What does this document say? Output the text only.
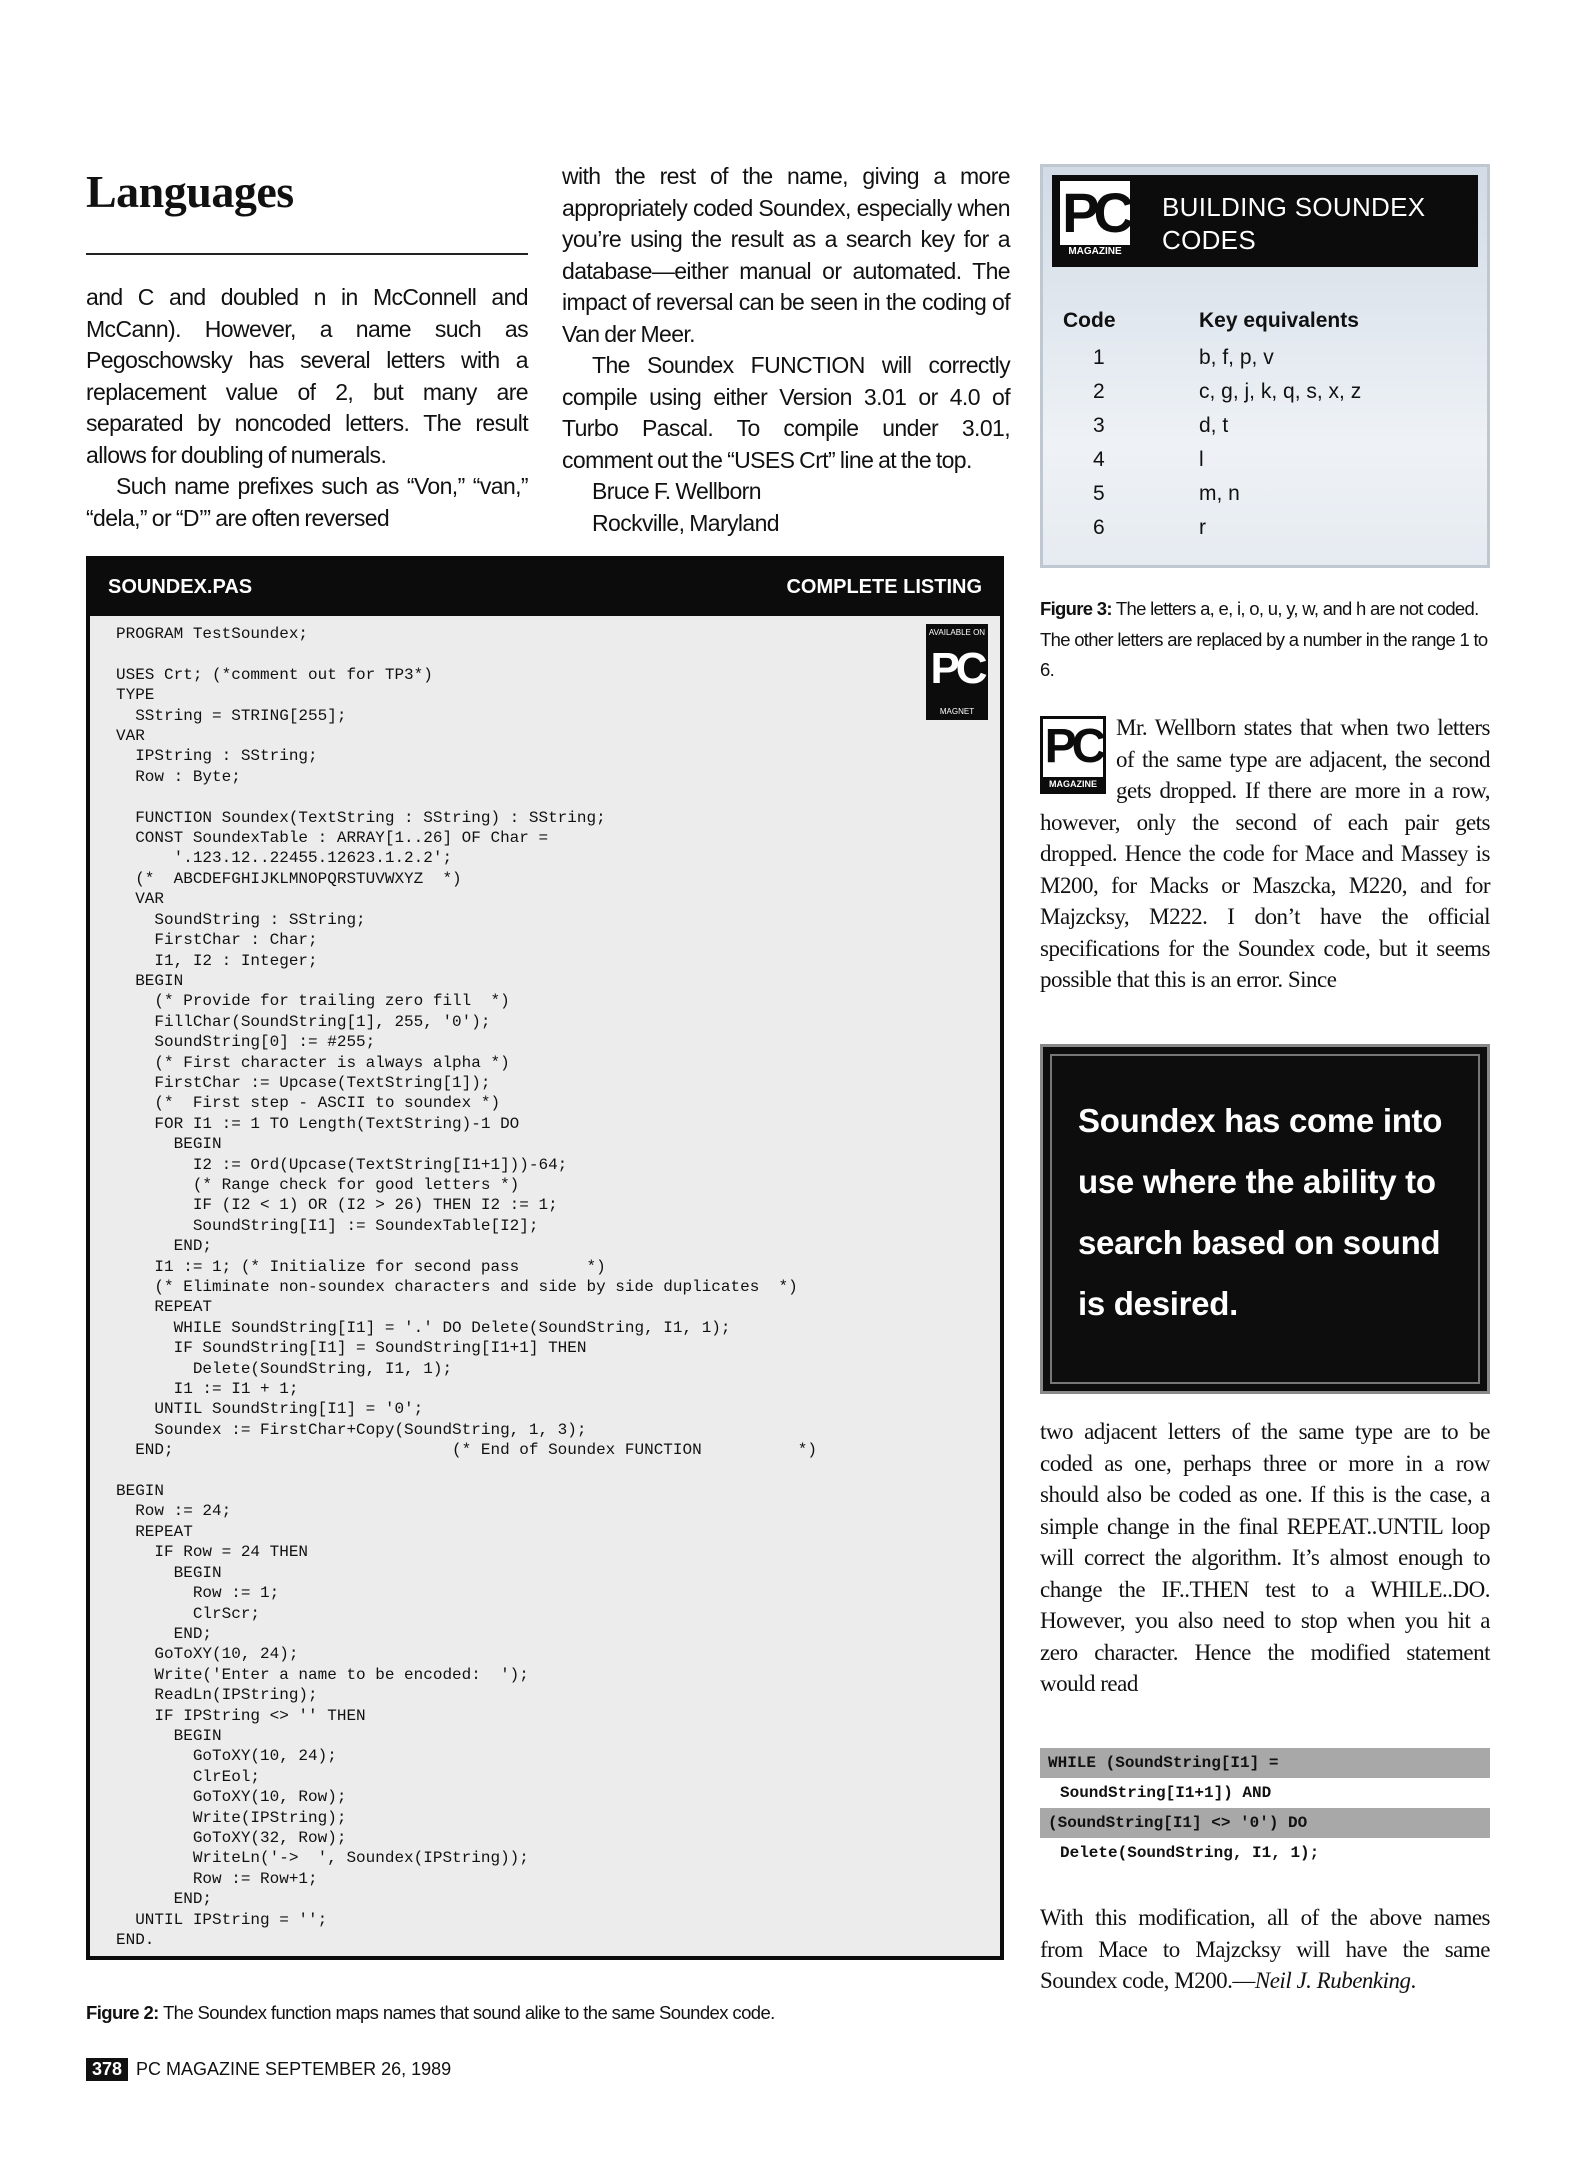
Languages

and C and doubled n in McConnell and McCann). However, a name such as Pegoschowsky has several letters with a replacement value of 2, but many are separated by noncoded letters. The result allows for doubling of numerals.

Such name prefixes such as “Von,” “van,” “dela,” or “D’” are often reversed

with the rest of the name, giving a more appropriately coded Soundex, especially when you’re using the result as a search key for a database—either manual or automated. The impact of reversal can be seen in the coding of Van der Meer.

The Soundex FUNCTION will correctly compile using either Version 3.01 or 4.0 of Turbo Pascal. To compile under 3.01, comment out the “USES Crt” line at the top.

Bruce F. Wellborn

Rockville, Maryland

PC
MAGAZINE
BUILDING SOUNDEX
CODES
Code	Key equivalents
1	b, f, p, v
2	c, g, j, k, q, s, x, z
3	d, t
4	l
5	m, n
6	r
Figure 3: The letters a, e, i, o, u, y, w, and h are not coded. The other letters are replaced by a number in the range 1 to 6.
PC
MAGAZINE
Mr. Wellborn states that when two letters of the same type are adjacent, the second gets dropped. If there are more in a row, however, only the second of each pair gets dropped. Hence the code for Mace and Massey is M200, for Macks or Maszcka, M220, and for Majzcksy, M222. I don’t have the official specifications for the Soundex code, but it seems possible that this is an error. Since
Soundex has come into use where the ability to search based on sound is desired.
two adjacent letters of the same type are to be coded as one, perhaps three or more in a row should also be coded as one. If this is the case, a simple change in the final REPEAT..UNTIL loop will correct the algorithm. It’s almost enough to change the IF..THEN test to a WHILE..DO. However, you also need to stop when you hit a zero character. Hence the modified statement would read
WHILE (SoundString[I1] =
SoundString[I1+1]) AND
(SoundString[I1] <> '0') DO
Delete(SoundString, I1, 1);
With this modification, all of the above names from Mace to Majzcksy will have the same Soundex code, M200.—Neil J. Rubenking.
SOUNDEX.PAS	COMPLETE LISTING
AVAILABLE ON
PC
MAGNET
PROGRAM TestSoundex;

USES Crt; (*comment out for TP3*)
TYPE
SString = STRING[255];
VAR
IPString : SString;
Row : Byte;

FUNCTION Soundex(TextString : SString) : SString;
CONST SoundexTable : ARRAY[1..26] OF Char =
'.123.12..22455.12623.1.2.2';
(*  ABCDEFGHIJKLMNOPQRSTUVWXYZ  *)
VAR
SoundString : SString;
FirstChar : Char;
I1, I2 : Integer;
BEGIN
(* Provide for trailing zero fill  *)
FillChar(SoundString[1], 255, '0');
SoundString[0] := #255;
(* First character is always alpha *)
FirstChar := Upcase(TextString[1]);
(*  First step - ASCII to soundex *)
FOR I1 := 1 TO Length(TextString)-1 DO
BEGIN
I2 := Ord(Upcase(TextString[I1+1]))-64;
(* Range check for good letters *)
IF (I2 < 1) OR (I2 > 26) THEN I2 := 1;
SoundString[I1] := SoundexTable[I2];
END;
I1 := 1; (* Initialize for second pass       *)
(* Eliminate non-soundex characters and side by side duplicates  *)
REPEAT
WHILE SoundString[I1] = '.' DO Delete(SoundString, I1, 1);
IF SoundString[I1] = SoundString[I1+1] THEN
Delete(SoundString, I1, 1);
I1 := I1 + 1;
UNTIL SoundString[I1] = '0';
Soundex := FirstChar+Copy(SoundString, 1, 3);
END;                             (* End of Soundex FUNCTION          *)

BEGIN
Row := 24;
REPEAT
IF Row = 24 THEN
BEGIN
Row := 1;
ClrScr;
END;
GoToXY(10, 24);
Write('Enter a name to be encoded:  ');
ReadLn(IPString);
IF IPString <> '' THEN
BEGIN
GoToXY(10, 24);
ClrEol;
GoToXY(10, Row);
Write(IPString);
GoToXY(32, Row);
WriteLn('->  ', Soundex(IPString));
Row := Row+1;
END;
UNTIL IPString = '';
END.
Figure 2: The Soundex function maps names that sound alike to the same Soundex code.
378 PC MAGAZINE SEPTEMBER 26, 1989
